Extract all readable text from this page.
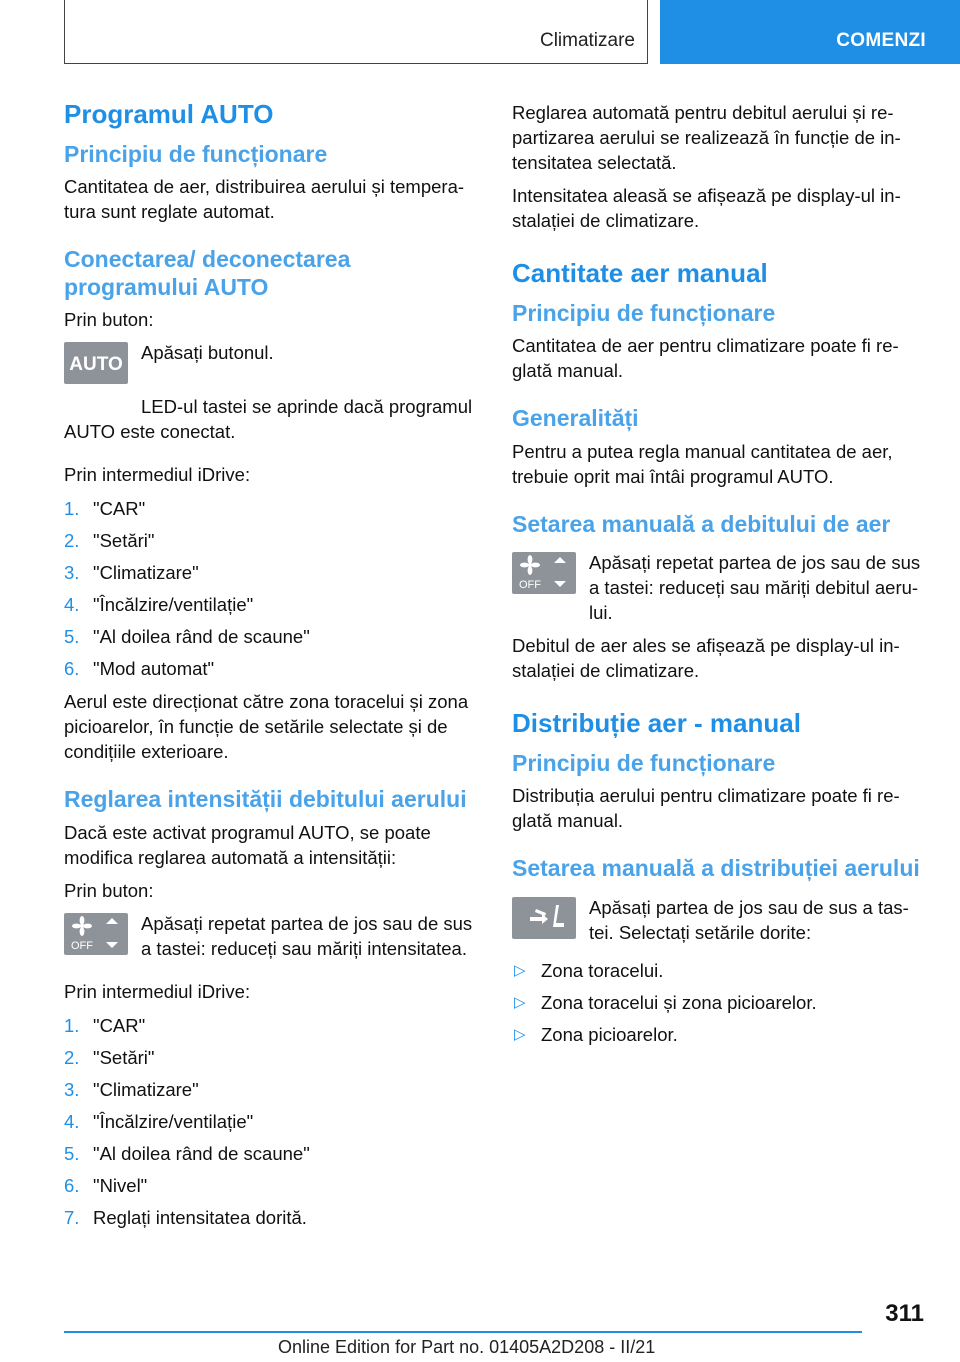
Climatizare	COMENZI
Programul AUTO
Principiu de funcționare

Cantitatea de aer, distribuirea aerului și tempera-tura sunt reglate automat.

Conectarea/ deconectarea programului AUTO

Prin buton:

AUTO

Apăsați butonul.

LED-ul tastei se aprinde dacă programul AUTO este conectat.

Prin intermediul iDrive:

1. "CAR"
2. "Setări"
3. "Climatizare"
4. "Încălzire/ventilație"
5. "Al doilea rând de scaune"
6. "Mod automat"

Aerul este direcționat către zona toracelui și zona picioarelor, în funcție de setările selectate și de condițiile exterioare.

Reglarea intensității debitului aerului

Dacă este activat programul AUTO, se poate modifica reglarea automată a intensității:

Prin buton:

OFF

Apăsați repetat partea de jos sau de sus a tastei: reduceți sau măriți intensitatea.

Prin intermediul iDrive:

1. "CAR"
2. "Setări"
3. "Climatizare"
4. "Încălzire/ventilație"
5. "Al doilea rând de scaune"
6. "Nivel"
7. Reglați intensitatea dorită.

Reglarea automată pentru debitul aerului și re-partizarea aerului se realizează în funcție de in-tensitatea selectată.

Intensitatea aleasă se afișează pe display-ul in-stalației de climatizare.

Cantitate aer manual
Principiu de funcționare

Cantitatea de aer pentru climatizare poate fi re-glată manual.

Generalități

Pentru a putea regla manual cantitatea de aer, trebuie oprit mai întâi programul AUTO.

Setarea manuală a debitului de aer
OFF

Apăsați repetat partea de jos sau de sus a tastei: reduceți sau măriți debitul aeru-lui.

Debitul de aer ales se afișează pe display-ul in-stalației de climatizare.

Distribuție aer - manual
Principiu de funcționare

Distribuția aerului pentru climatizare poate fi re-glată manual.

Setarea manuală a distribuției aerului

Apăsați partea de jos sau de sus a tas-tei. Selectați setările dorite:

▷ Zona toracelui.
▷ Zona toracelui și zona picioarelor.
▷ Zona picioarelor.
311
Online Edition for Part no. 01405A2D208 - II/21
